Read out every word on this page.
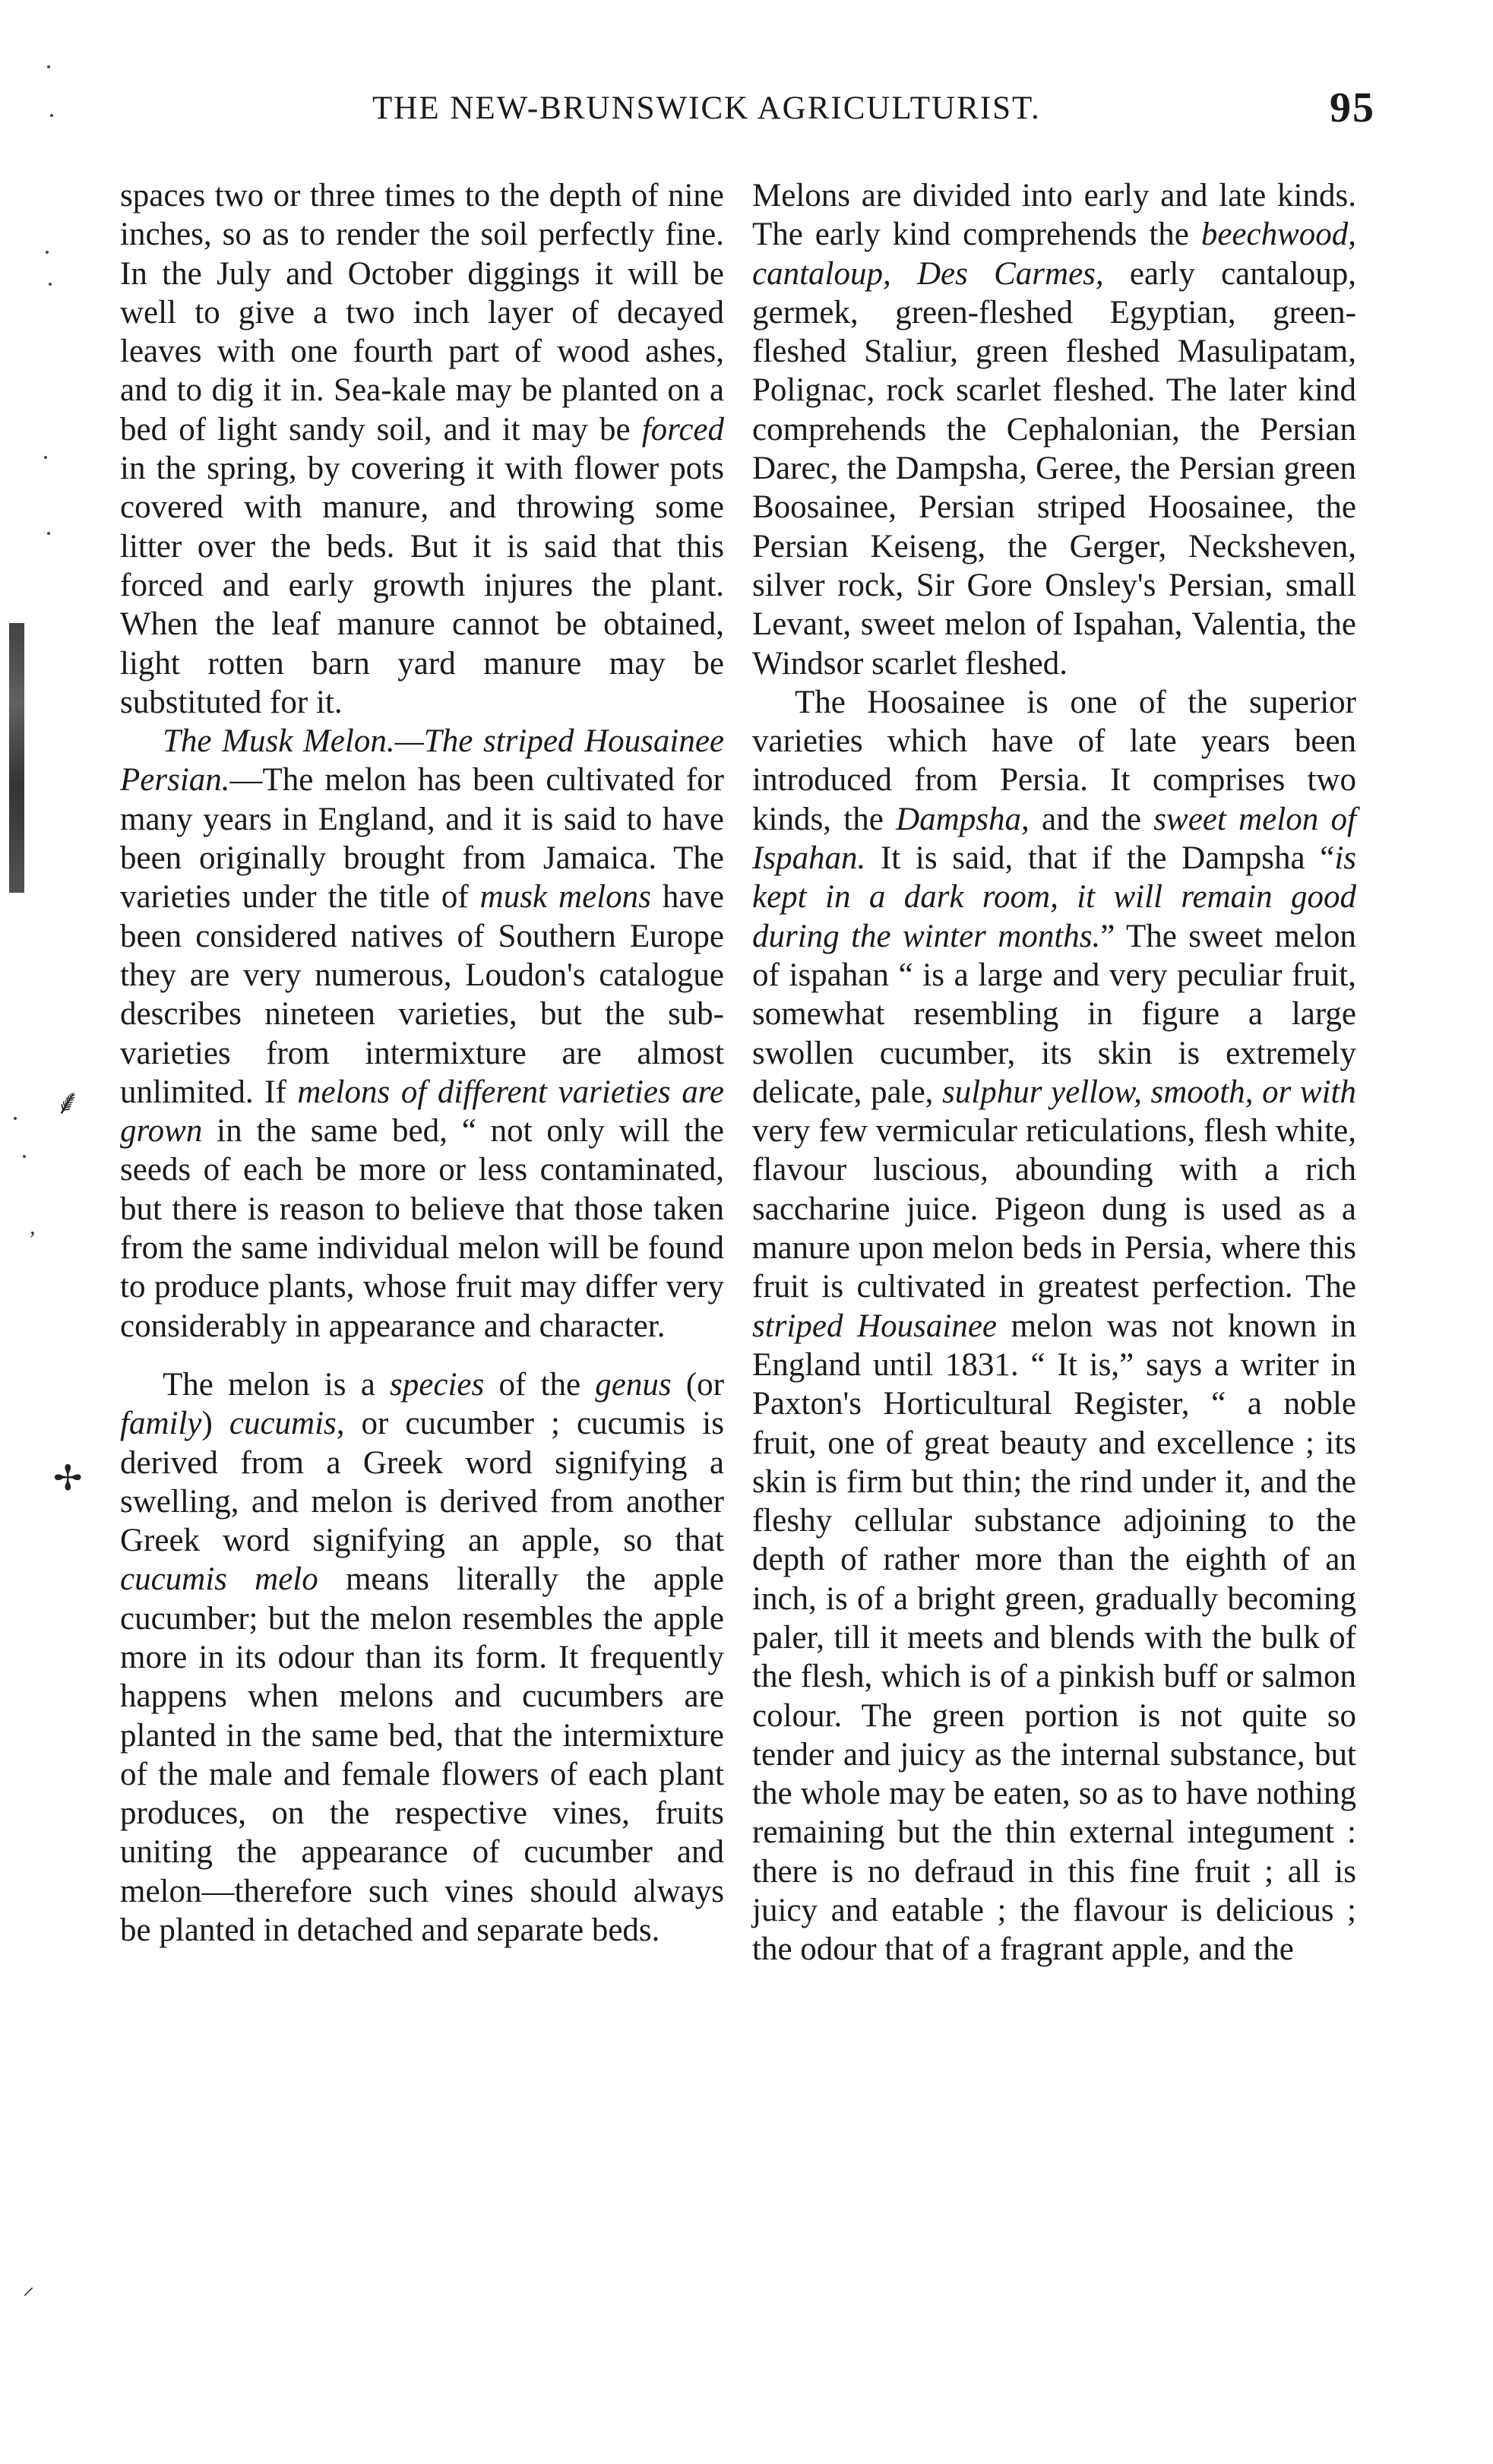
⸙
✢
⸍
‚
THE NEW-BRUNSWICK AGRICULTURIST.	95

spaces two or three times to the depth of nine inches, so as to render the soil perfectly fine. In the July and October diggings it will be well to give a two inch layer of decayed leaves with one fourth part of wood ashes, and to dig it in. Sea-kale may be planted on a bed of light sandy soil, and it may be forced in the spring, by covering it with flower pots covered with manure, and throwing some litter over the beds. But it is said that this forced and early growth injures the plant. When the leaf manure cannot be obtained, light rotten barn yard manure may be substituted for it.

The Musk Melon.—The striped Housainee Persian.—The melon has been cultivated for many years in England, and it is said to have been originally brought from Jamaica. The varieties under the title of musk melons have been considered natives of Southern Europe they are very numerous, Loudon's catalogue describes nineteen varieties, but the sub-varieties from intermixture are almost unlimited. If melons of different varieties are grown in the same bed, “ not only will the seeds of each be more or less contaminated, but there is reason to believe that those taken from the same individual melon will be found to produce plants, whose fruit may differ very considerably in appearance and character.

The melon is a species of the genus (or family) cucumis, or cucumber ; cucumis is derived from a Greek word signifying a swelling, and melon is derived from another Greek word signifying an apple, so that cucumis melo means literally the apple cucumber; but the melon resembles the apple more in its odour than its form. It frequently happens when melons and cucumbers are planted in the same bed, that the intermixture of the male and female flowers of each plant produces, on the respective vines, fruits uniting the appearance of cucumber and melon—therefore such vines should always be planted in detached and separate beds.

Melons are divided into early and late kinds. The early kind comprehends the beechwood, cantaloup, Des Carmes, early cantaloup, germek, green-fleshed Egyptian, green-fleshed Staliur, green fleshed Masulipatam, Polignac, rock scarlet fleshed. The later kind comprehends the Cephalonian, the Persian Darec, the Dampsha, Geree, the Persian green Boosainee, Persian striped Hoosainee, the Persian Keiseng, the Gerger, Necksheven, silver rock, Sir Gore Onsley's Persian, small Levant, sweet melon of Ispahan, Valentia, the Windsor scarlet fleshed.

The Hoosainee is one of the superior varieties which have of late years been introduced from Persia. It comprises two kinds, the Dampsha, and the sweet melon of Ispahan. It is said, that if the Dampsha “is kept in a dark room, it will remain good during the winter months.” The sweet melon of ispahan “ is a large and very peculiar fruit, somewhat resembling in figure a large swollen cucumber, its skin is extremely delicate, pale, sulphur yellow, smooth, or with very few vermicular reticulations, flesh white, flavour luscious, abounding with a rich saccharine juice. Pigeon dung is used as a manure upon melon beds in Persia, where this fruit is cultivated in greatest perfection. The striped Housainee melon was not known in England until 1831. “ It is,” says a writer in Paxton's Horticultural Register, “ a noble fruit, one of great beauty and excellence ; its skin is firm but thin; the rind under it, and the fleshy cellular substance adjoining to the depth of rather more than the eighth of an inch, is of a bright green, gradually becoming paler, till it meets and blends with the bulk of the flesh, which is of a pinkish buff or salmon colour. The green portion is not quite so tender and juicy as the internal substance, but the whole may be eaten, so as to have nothing remaining but the thin external integument : there is no defraud in this fine fruit ; all is juicy and eatable ; the flavour is delicious ; the odour that of a fragrant apple, and the
